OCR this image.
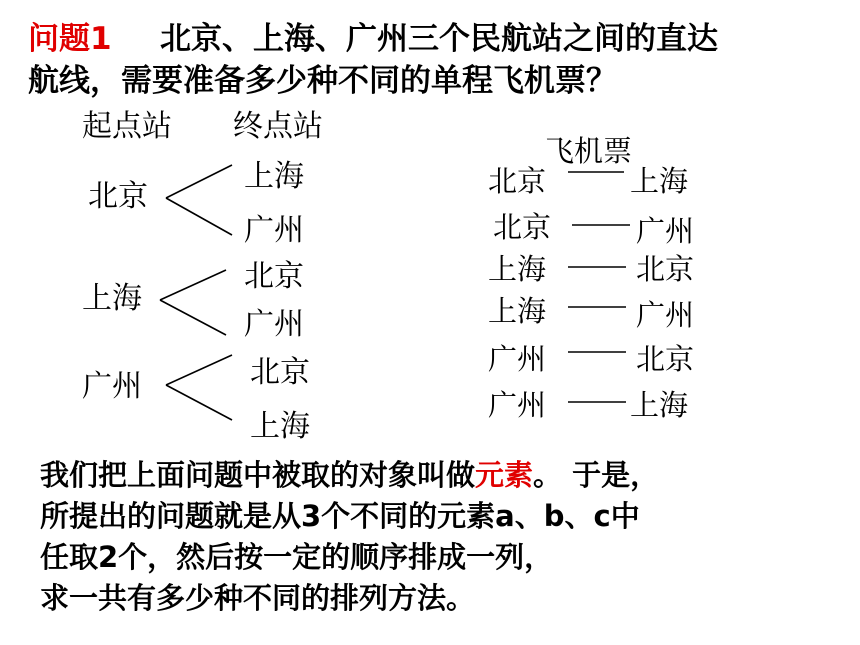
问题1 北京、上海、广州三个民航站之间的直达
航线，需要准备多少种不同的单程飞机票？
起点站 终点站
北京
上海
广州
上海
广州
北京
广州
北京
上海
飞机票
北京	上海
北京	广州
上海	北京
上海	广州
广州	北京
广州	上海
我们把上面问题中被取的对象叫做元素。 于是，
所提出的问题就是从3个不同的元素a、b、c中
任取2个，然后按一定的顺序排成一列，
求一共有多少种不同的排列方法。
